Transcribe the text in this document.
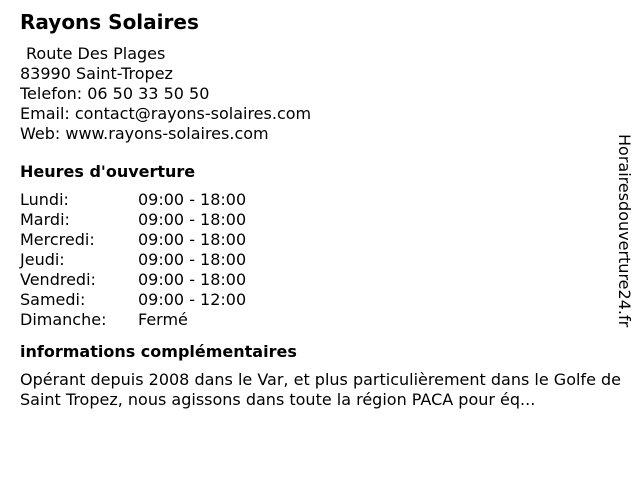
Rayons Solaires
Route Des Plages
83990 Saint-Tropez
Telefon: 06 50 33 50 50
Email: contact@rayons-solaires.com
Web: www.rayons-solaires.com
Heures d'ouverture
Lundi:	09:00 - 18:00
Mardi:	09:00 - 18:00
Mercredi:	09:00 - 18:00
Jeudi:	09:00 - 18:00
Vendredi:	09:00 - 18:00
Samedi:	09:00 - 12:00
Dimanche:	Fermé
informations complémentaires
Opérant depuis 2008 dans le Var, et plus particulièrement dans le Golfe de Saint Tropez, nous agissons dans toute la région PACA pour éq...
Horairesdouverture24.fr
